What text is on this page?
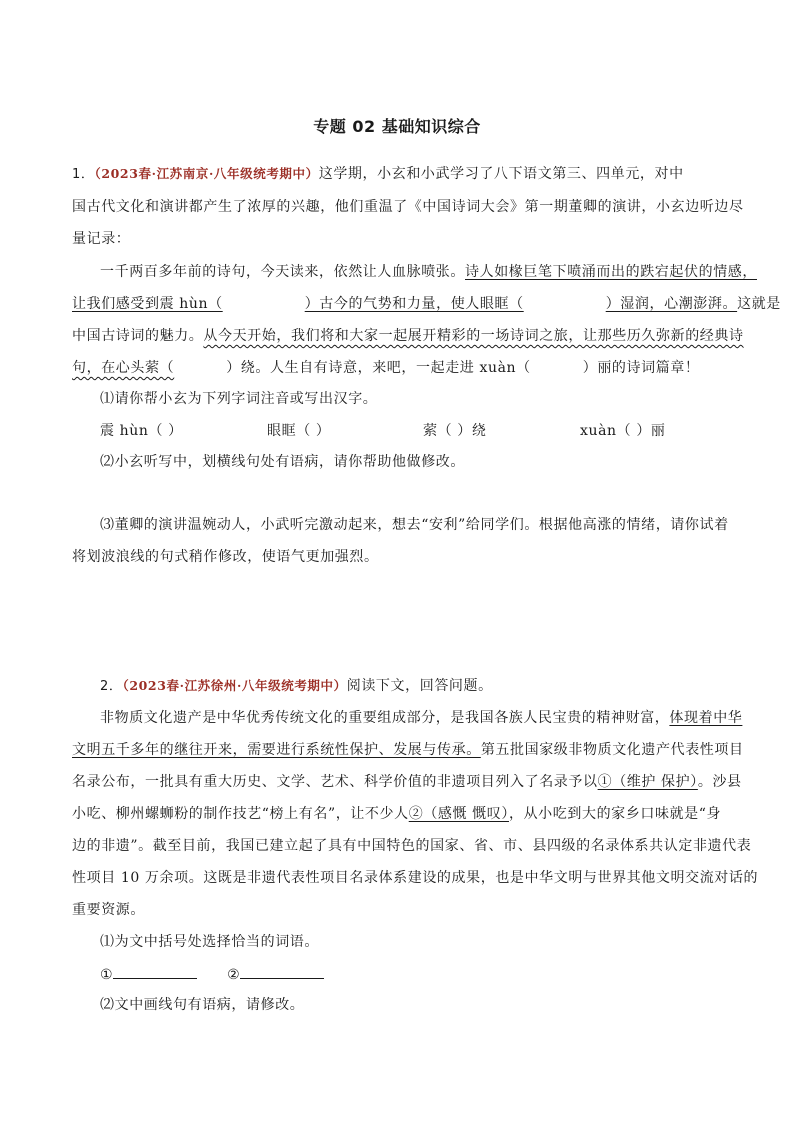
专题 02 基础知识综合
1．（2023春·江苏南京·八年级统考期中）这学期，小玄和小武学习了八下语文第三、四单元，对中
国古代文化和演讲都产生了浓厚的兴趣，他们重温了《中国诗词大会》第一期董卿的演讲，小玄边听边尽
量记录：
一千两百多年前的诗句，今天读来，依然让人血脉喷张。诗人如椽巨笔下喷涌而出的跌宕起伏的情感，
让我们感受到震 hùn（	）古今的气势和力量，使人眼眶（	）湿润，心潮澎湃。这就是
中国古诗词的魅力。从今天开始，我们将和大家一起展开精彩的一场诗词之旅，让那些历久弥新的经典诗
句，在心头萦（	）绕。人生自有诗意，来吧，一起走进 xuàn（	）丽的诗词篇章！
⑴请你帮小玄为下列字词注音或写出汉字。
震 hùn（ ）	眼眶（ ）	萦（ ）绕	xuàn（ ）丽
⑵小玄听写中，划横线句处有语病，请你帮助他做修改。
⑶董卿的演讲温婉动人，小武听完激动起来，想去“安利”给同学们。根据他高涨的情绪，请你试着
将划波浪线的句式稍作修改，使语气更加强烈。
2．（2023春·江苏徐州·八年级统考期中）阅读下文，回答问题。
非物质文化遗产是中华优秀传统文化的重要组成部分，是我国各族人民宝贵的精神财富，体现着中华
文明五千多年的继往开来，需要进行系统性保护、发展与传承。第五批国家级非物质文化遗产代表性项目
名录公布，一批具有重大历史、文学、艺术、科学价值的非遗项目列入了名录予以①（维护 保护）。沙县
小吃、柳州螺蛳粉的制作技艺“榜上有名”，让不少人②（感慨 慨叹），从小吃到大的家乡口味就是“身
边的非遗”。截至目前，我国已建立起了具有中国特色的国家、省、市、县四级的名录体系共认定非遗代表
性项目 10 万余项。这既是非遗代表性项目名录体系建设的成果，也是中华文明与世界其他文明交流对话的
重要资源。
⑴为文中括号处选择恰当的词语。
①	②
⑵文中画线句有语病，请修改。
